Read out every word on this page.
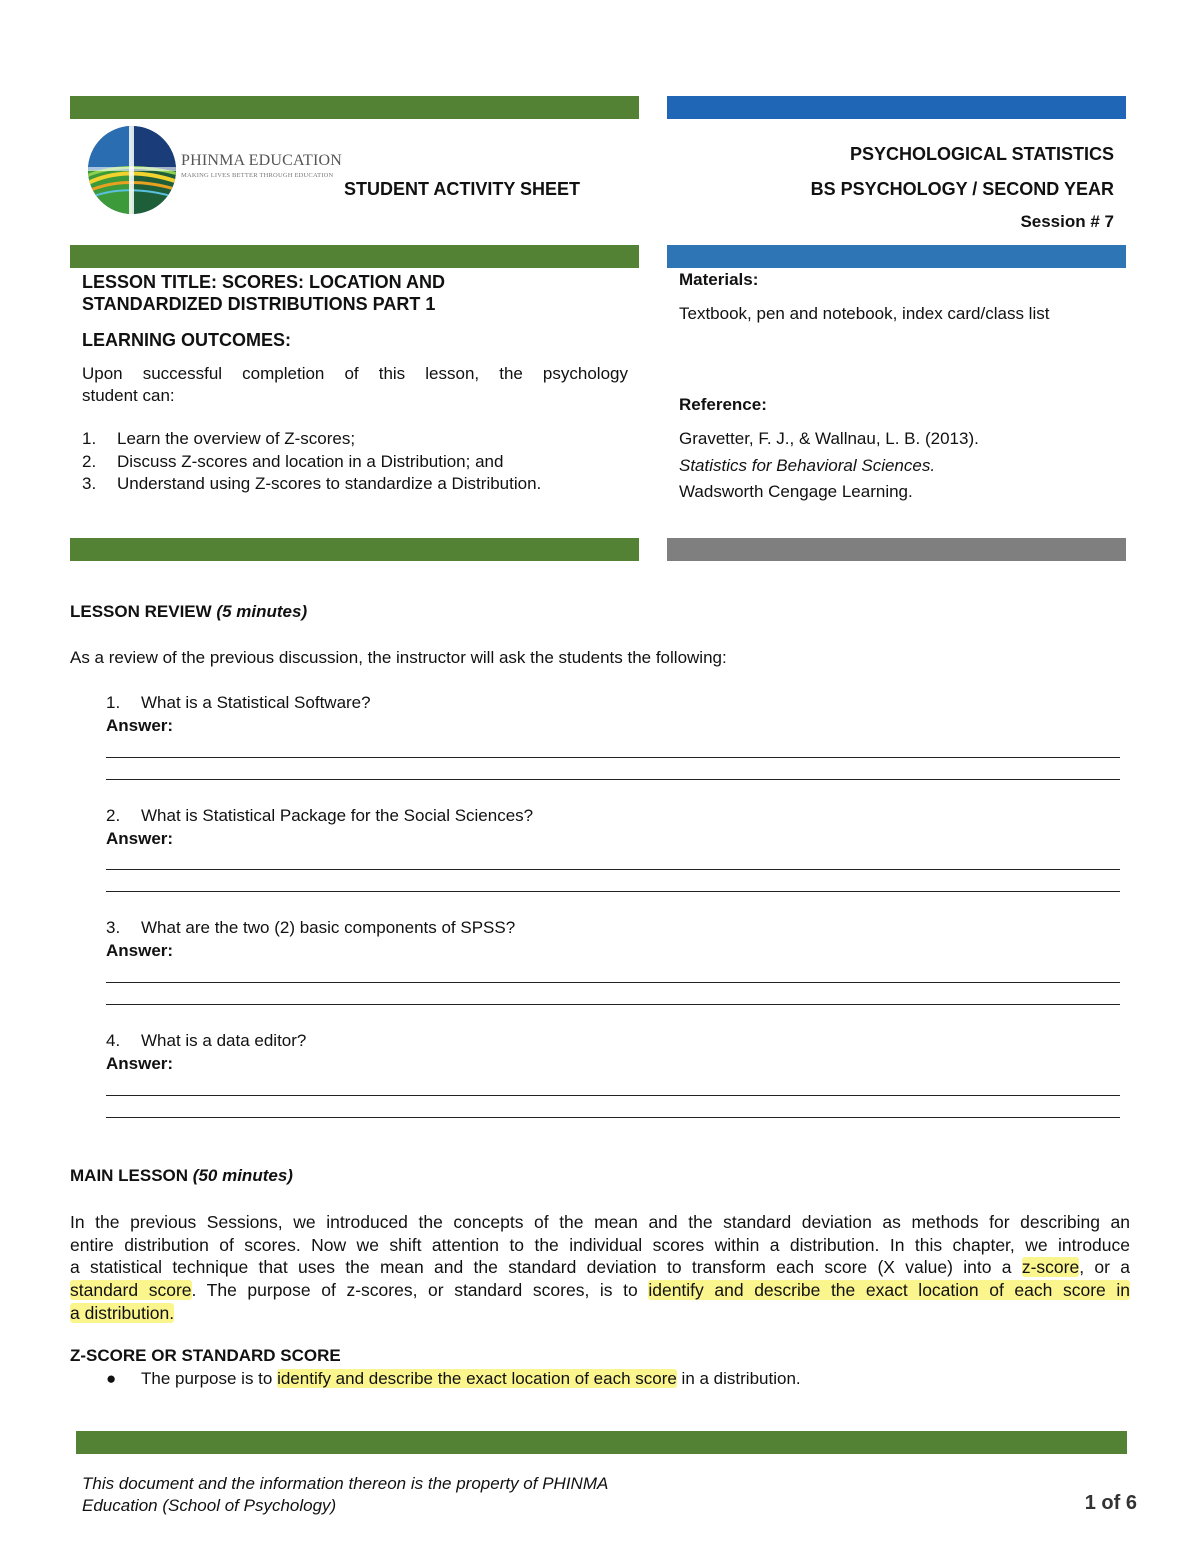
PHINMA EDUCATION
MAKING LIVES BETTER THROUGH EDUCATION
STUDENT ACTIVITY SHEET
PSYCHOLOGICAL STATISTICS
BS PSYCHOLOGY / SECOND YEAR
Session # 7
LESSON TITLE: SCORES: LOCATION AND
STANDARDIZED DISTRIBUTIONS PART 1
LEARNING OUTCOMES:
Upon successful completion of this lesson, the psychology
student can:
1. Learn the overview of Z-scores;
2. Discuss Z-scores and location in a Distribution; and
3. Understand using Z-scores to standardize a Distribution.
Materials:
Textbook, pen and notebook, index card/class list
Reference:
Gravetter, F. J., & Wallnau, L. B. (2013).
Statistics for Behavioral Sciences.
Wadsworth Cengage Learning.
LESSON REVIEW (5 minutes)
As a review of the previous discussion, the instructor will ask the students the following:
1. What is a Statistical Software?
Answer:
2. What is Statistical Package for the Social Sciences?
Answer:
3. What are the two (2) basic components of SPSS?
Answer:
4. What is a data editor?
Answer:
MAIN LESSON (50 minutes)
In the previous Sessions, we introduced the concepts of the mean and the standard deviation as methods for describing an
entire distribution of scores. Now we shift attention to the individual scores within a distribution. In this chapter, we introduce
a statistical technique that uses the mean and the standard deviation to transform each score (X value) into a z-score, or a
standard score. The purpose of z-scores, or standard scores, is to identify and describe the exact location of each score in
a distribution.
Z-SCORE OR STANDARD SCORE
● The purpose is to identify and describe the exact location of each score in a distribution.
This document and the information thereon is the property of PHINMA
Education (School of Psychology)	1 of 6
